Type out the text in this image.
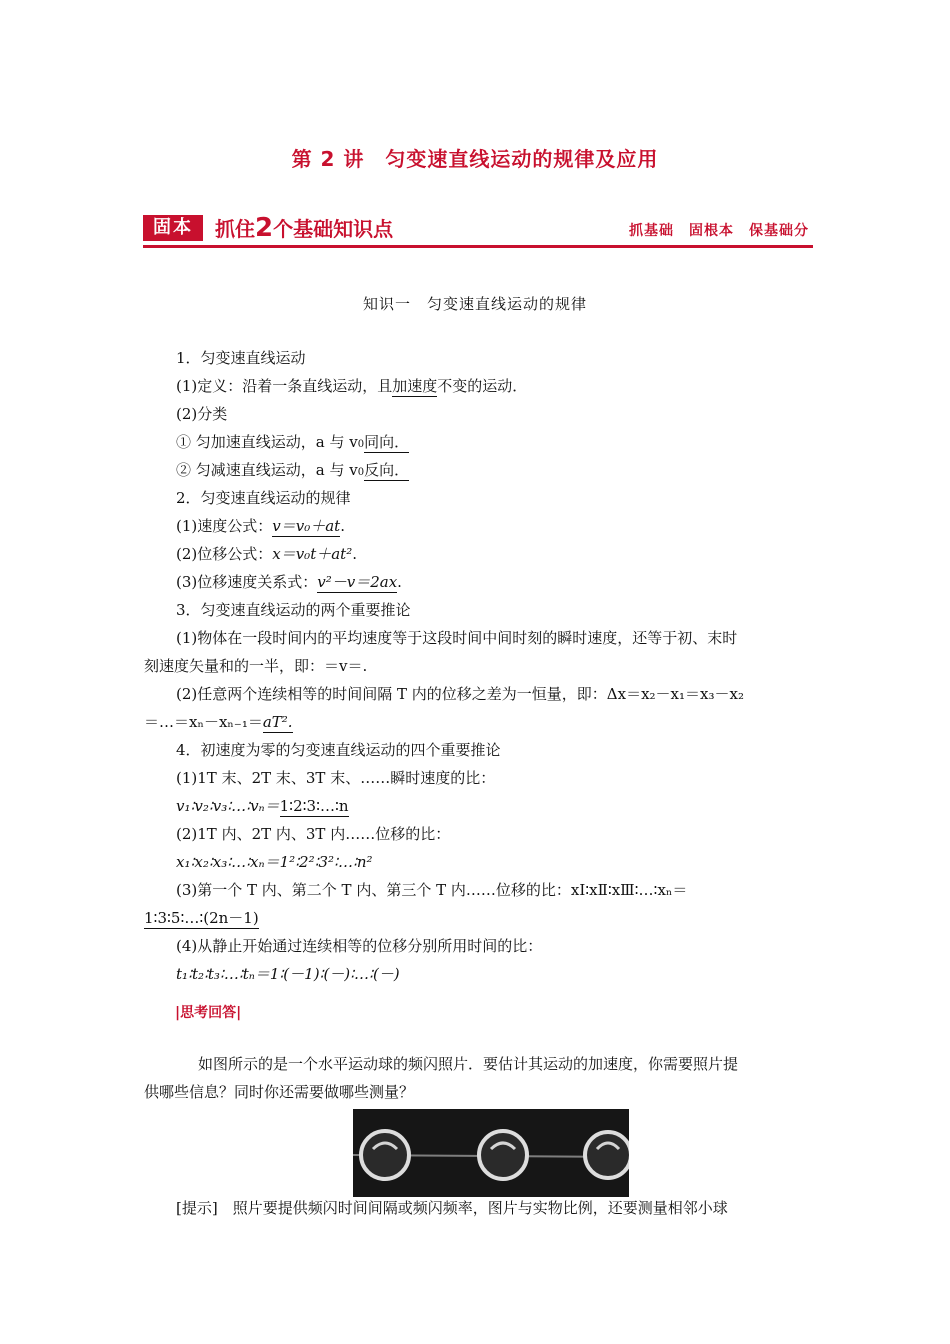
第 2 讲　匀变速直线运动的规律及应用
固本	抓住2个基础知识点	抓基础　固根本　保基础分
知识一　匀变速直线运动的规律
1．匀变速直线运动
(1)定义：沿着一条直线运动，且加速度不变的运动．
(2)分类
① 匀加速直线运动，a 与 v0同向．
② 匀减速直线运动，a 与 v0反向．
2．匀变速直线运动的规律
(1)速度公式：v＝v₀＋at.
(2)位移公式：x＝v₀t＋at².
(3)位移速度关系式：v²－v＝2ax.
3．匀变速直线运动的两个重要推论
(1)物体在一段时间内的平均速度等于这段时间中间时刻的瞬时速度，还等于初、末时
刻速度矢量和的一半，即：＝v＝.
(2)任意两个连续相等的时间间隔 T 内的位移之差为一恒量，即：Δx＝x₂－x₁＝x₃－x₂
＝…＝xₙ－xₙ₋₁＝aT².
4．初速度为零的匀变速直线运动的四个重要推论
(1)1T 末、2T 末、3T 末、……瞬时速度的比：
v₁∶v₂∶v₃∶…∶vₙ＝1∶2∶3∶…∶n
(2)1T 内、2T 内、3T 内……位移的比：
x₁∶x₂∶x₃∶…∶xₙ＝1²∶2²∶3²∶…∶n²
(3)第一个 T 内、第二个 T 内、第三个 T 内……位移的比：xⅠ∶xⅡ∶xⅢ∶…∶xₙ＝
1∶3∶5∶…∶(2n－1)
(4)从静止开始通过连续相等的位移分别所用时间的比：
t₁∶t₂∶t₃∶…∶tₙ＝1∶(－1)∶(－)∶…∶(－)
|思考回答|
如图所示的是一个水平运动球的频闪照片．要估计其运动的加速度，你需要照片提
供哪些信息？同时你还需要做哪些测量？
[提示]　照片要提供频闪时间间隔或频闪频率，图片与实物比例，还要测量相邻小球
